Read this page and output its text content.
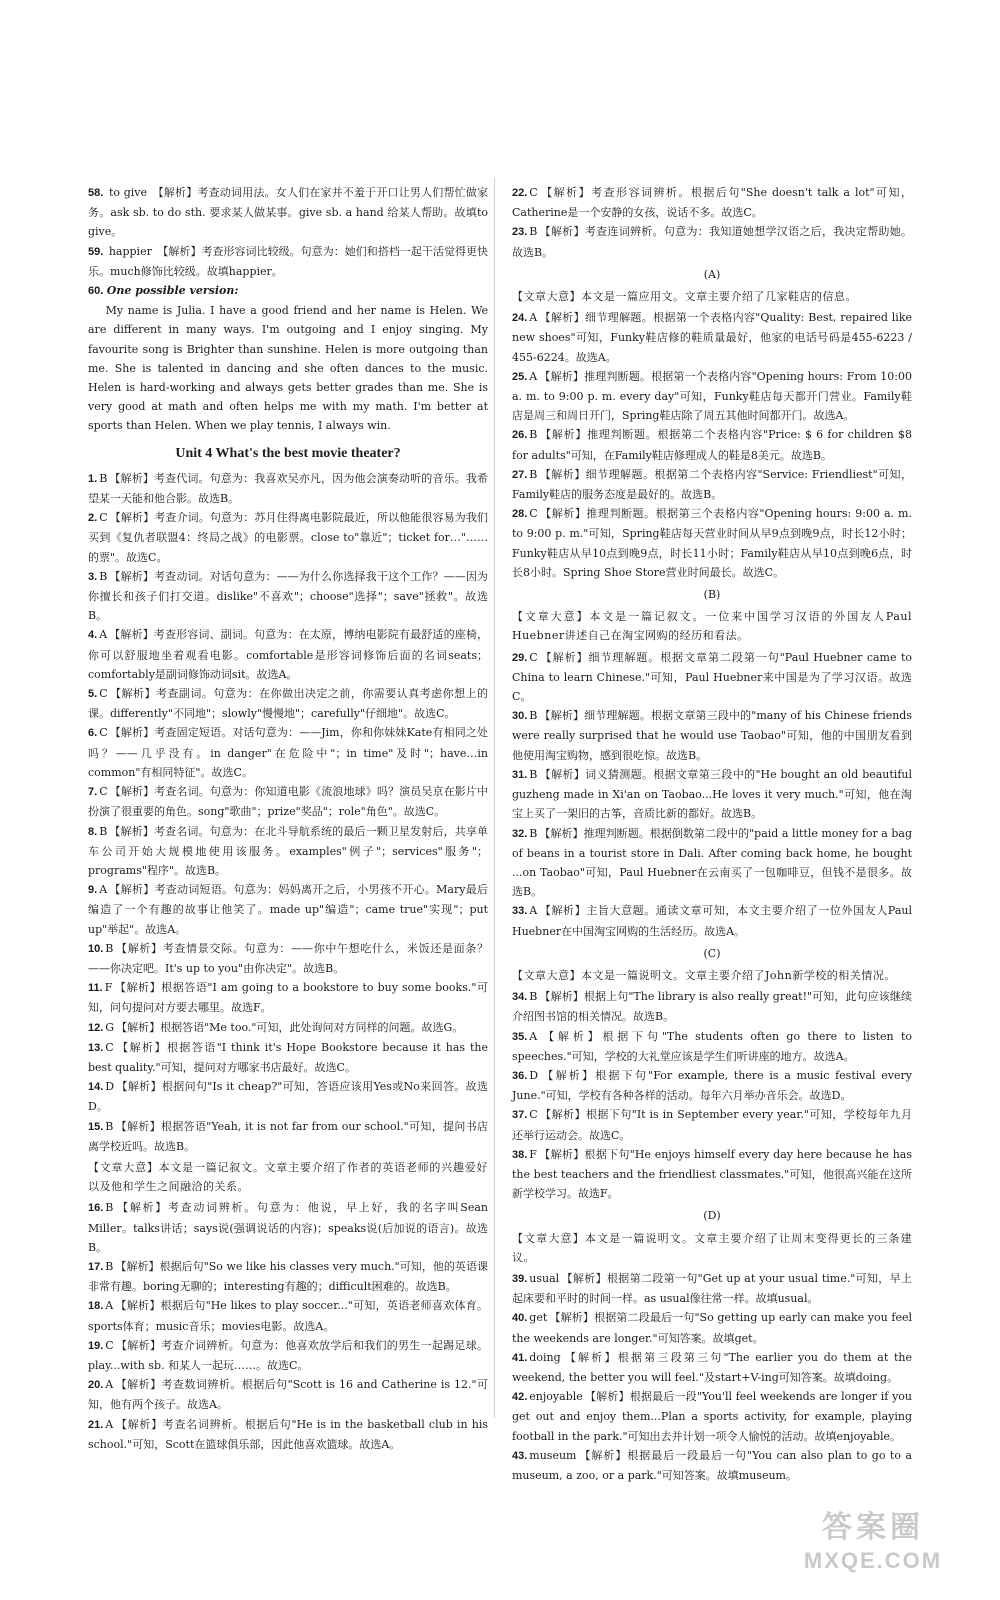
58. to give 【解析】考查动词用法。女人们在家并不羞于开口让男人们帮忙做家务。ask sb. to do sth. 要求某人做某事。give sb. a hand 给某人帮助。故填to give。

59. happier 【解析】考查形容词比较级。句意为：她们和搭档一起干活觉得更快乐。much修饰比较级。故填happier。

60. One possible version:

My name is Julia. I have a good friend and her name is Helen. We are different in many ways. I'm outgoing and I enjoy singing. My favourite song is Brighter than sunshine. Helen is more outgoing than me. She is talented in dancing and she often dances to the music. Helen is hard-working and always gets better grades than me. She is very good at math and often helps me with my math. I'm better at sports than Helen. When we play tennis, I always win.

Unit 4 What's the best movie theater?

1. B 【解析】考查代词。句意为：我喜欢吴亦凡，因为他会演奏动听的音乐。我希望某一天能和他合影。故选B。

2. C 【解析】考查介词。句意为：苏月住得离电影院最近，所以他能很容易为我们买到《复仇者联盟4：终局之战》的电影票。close to"靠近"；ticket for…"……的票"。故选C。

3. B 【解析】考查动词。对话句意为：——为什么你选择我干这个工作？——因为你擅长和孩子们打交道。dislike"不喜欢"；choose"选择"；save"拯救"。故选B。

4. A 【解析】考查形容词、副词。句意为：在太原，博纳电影院有最舒适的座椅，你可以舒服地坐着观看电影。comfortable是形容词修饰后面的名词seats；comfortably是副词修饰动词sit。故选A。

5. C 【解析】考查副词。句意为：在你做出决定之前，你需要认真考虑你想上的课。differently"不同地"；slowly"慢慢地"；carefully"仔细地"。故选C。

6. C 【解析】考查固定短语。对话句意为：——Jim，你和你妹妹Kate有相同之处吗？——几乎没有。in danger"在危险中"；in time"及时"；have…in common"有相同特征"。故选C。

7. C 【解析】考查名词。句意为：你知道电影《流浪地球》吗？演员吴京在影片中扮演了很重要的角色。song"歌曲"；prize"奖品"；role"角色"。故选C。

8. B 【解析】考查名词。句意为：在北斗导航系统的最后一颗卫星发射后，共享单车公司开始大规模地使用该服务。examples"例子"；services"服务"；programs"程序"。故选B。

9. A 【解析】考查动词短语。句意为：妈妈离开之后，小男孩不开心。Mary最后编造了一个有趣的故事让他笑了。made up"编造"；came true"实现"；put up"举起"。故选A。

10. B 【解析】考查情景交际。句意为：——你中午想吃什么，米饭还是面条？——你决定吧。It's up to you"由你决定"。故选B。

11. F 【解析】根据答语"I am going to a bookstore to buy some books."可知，问句提问对方要去哪里。故选F。

12. G 【解析】根据答语"Me too."可知，此处询问对方同样的问题。故选G。

13. C 【解析】根据答语"I think it's Hope Bookstore because it has the best quality."可知，提问对方哪家书店最好。故选C。

14. D 【解析】根据问句"Is it cheap?"可知，答语应该用Yes或No来回答。故选D。

15. B 【解析】根据答语"Yeah, it is not far from our school."可知，提问书店离学校近吗。故选B。

【文章大意】本文是一篇记叙文。文章主要介绍了作者的英语老师的兴趣爱好以及他和学生之间融洽的关系。

16. B 【解析】考查动词辨析。句意为：他说，早上好，我的名字叫Sean Miller。talks讲话；says说(强调说话的内容)；speaks说(后加说的语言)。故选B。

17. B 【解析】根据后句"So we like his classes very much."可知，他的英语课非常有趣。boring无聊的；interesting有趣的；difficult困难的。故选B。

18. A 【解析】根据后句"He likes to play soccer..."可知，英语老师喜欢体育。sports体育；music音乐；movies电影。故选A。

19. C 【解析】考查介词辨析。句意为：他喜欢放学后和我们的男生一起踢足球。play...with sb. 和某人一起玩……。故选C。

20. A 【解析】考查数词辨析。根据后句"Scott is 16 and Catherine is 12."可知，他有两个孩子。故选A。

21. A 【解析】考查名词辨析。根据后句"He is in the basketball club in his school."可知，Scott在篮球俱乐部，因此他喜欢篮球。故选A。

22. C 【解析】考查形容词辨析。根据后句"She doesn't talk a lot"可知，Catherine是一个安静的女孩，说话不多。故选C。

23. B 【解析】考查连词辨析。句意为：我知道她想学汉语之后，我决定帮助她。故选B。

(A)

【文章大意】本文是一篇应用文。文章主要介绍了几家鞋店的信息。

24. A 【解析】细节理解题。根据第一个表格内容"Quality: Best, repaired like new shoes"可知，Funky鞋店修的鞋质量最好，他家的电话号码是455-6223 / 455-6224。故选A。

25. A 【解析】推理判断题。根据第一个表格内容"Opening hours: From 10:00 a. m. to 9:00 p. m. every day"可知，Funky鞋店每天都开门营业。Family鞋店是周三和周日开门，Spring鞋店除了周五其他时间都开门。故选A。

26. B 【解析】推理判断题。根据第二个表格内容"Price: $ 6 for children $8 for adults"可知，在Family鞋店修理成人的鞋是8美元。故选B。

27. B 【解析】细节理解题。根据第二个表格内容"Service: Friendliest"可知，Family鞋店的服务态度是最好的。故选B。

28. C 【解析】推理判断题。根据第三个表格内容"Opening hours: 9:00 a. m. to 9:00 p. m."可知，Spring鞋店每天营业时间从早9点到晚9点，时长12小时；Funky鞋店从早10点到晚9点，时长11小时；Family鞋店从早10点到晚6点，时长8小时。Spring Shoe Store营业时间最长。故选C。

(B)

【文章大意】本文是一篇记叙文。一位来中国学习汉语的外国友人Paul Huebner讲述自己在淘宝网购的经历和看法。

29. C 【解析】细节理解题。根据文章第二段第一句"Paul Huebner came to China to learn Chinese."可知，Paul Huebner来中国是为了学习汉语。故选C。

30. B 【解析】细节理解题。根据文章第三段中的"many of his Chinese friends were really surprised that he would use Taobao"可知，他的中国朋友看到他使用淘宝购物，感到很吃惊。故选B。

31. B 【解析】词义猜测题。根据文章第三段中的"He bought an old beautiful guzheng made in Xi'an on Taobao...He loves it very much."可知，他在淘宝上买了一架旧的古筝，音质比新的都好。故选B。

32. B 【解析】推理判断题。根据倒数第二段中的"paid a little money for a bag of beans in a tourist store in Dali. After coming back home, he bought ...on Taobao"可知，Paul Huebner在云南买了一包咖啡豆，但钱不是很多。故选B。

33. A 【解析】主旨大意题。通读文章可知，本文主要介绍了一位外国友人Paul Huebner在中国淘宝网购的生活经历。故选A。

(C)

【文章大意】本文是一篇说明文。文章主要介绍了John新学校的相关情况。

34. B 【解析】根据上句"The library is also really great!"可知，此句应该继续介绍图书馆的相关情况。故选B。

35. A 【解析】根据下句"The students often go there to listen to speeches."可知，学校的大礼堂应该是学生们听讲座的地方。故选A。

36. D 【解析】根据下句"For example, there is a music festival every June."可知，学校有各种各样的活动。每年六月举办音乐会。故选D。

37. C 【解析】根据下句"It is in September every year."可知，学校每年九月还举行运动会。故选C。

38. F 【解析】根据下句"He enjoys himself every day here because he has the best teachers and the friendliest classmates."可知，他很高兴能在这所新学校学习。故选F。

(D)

【文章大意】本文是一篇说明文。文章主要介绍了让周末变得更长的三条建议。

39. usual 【解析】根据第二段第一句"Get up at your usual time."可知，早上起床要和平时的时间一样。as usual像往常一样。故填usual。

40. get 【解析】根据第二段最后一句"So getting up early can make you feel the weekends are longer."可知答案。故填get。

41. doing 【解析】根据第三段第三句"The earlier you do them at the weekend, the better you will feel."及start+V-ing可知答案。故填doing。

42. enjoyable 【解析】根据最后一段"You'll feel weekends are longer if you get out and enjoy them...Plan a sports activity, for example, playing football in the park."可知出去并计划一项令人愉悦的活动。故填enjoyable。

43. museum 【解析】根据最后一段最后一句"You can also plan to go to a museum, a zoo, or a park."可知答案。故填museum。

答案圈
MXQE.COM
